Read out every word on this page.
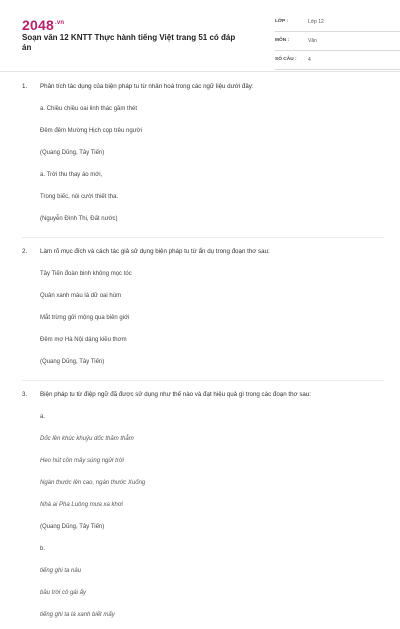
$2048^{.vn}$
Soạn văn 12 KNTT Thực hành tiếng Việt trang 51 có đáp án
LỚP :	Lớp 12
MÔN :	Văn
SỐ CÂU : 4
1. Phân tích tác dụng của biện pháp tu từ nhân hoá trong các ngữ liệu dưới đây:
a. Chiều chiều oai linh thác gầm thét
Đêm đêm Mường Hịch cọp trêu người
(Quang Dũng, Tây Tiến)
a. Trời thu thay áo mới,
Trong biếc, nói cười thiết tha.
(Nguyễn Đình Thi, Đất nước)
2. Làm rõ mục đích và cách tác giả sử dụng biện pháp tu từ ẩn dụ trong đoạn thơ sau:
Tây Tiến đoàn binh không mọc tóc
Quân xanh màu lá dữ oai hùm
Mắt trừng gửi mộng qua biên giới
Đêm mơ Hà Nội dáng kiều thơm
(Quang Dũng, Tây Tiến)
3. Biện pháp tu từ điệp ngữ đã được sử dụng như thế nào và đạt hiệu quả gì trong các đoạn thơ sau:
a.
Dốc lên khúc khuỷu dốc thăm thẳm
Heo hút cồn mây súng ngửi trời
Ngàn thước lên cao, ngàn thước Xuống
Nhà ai Pha Luông mưa xa khơi
(Quang Dũng, Tây Tiến)
b.
tiếng ghi ta nâu
bầu trời cô gái ấy
tiếng ghi ta lá xanh biết mấy
